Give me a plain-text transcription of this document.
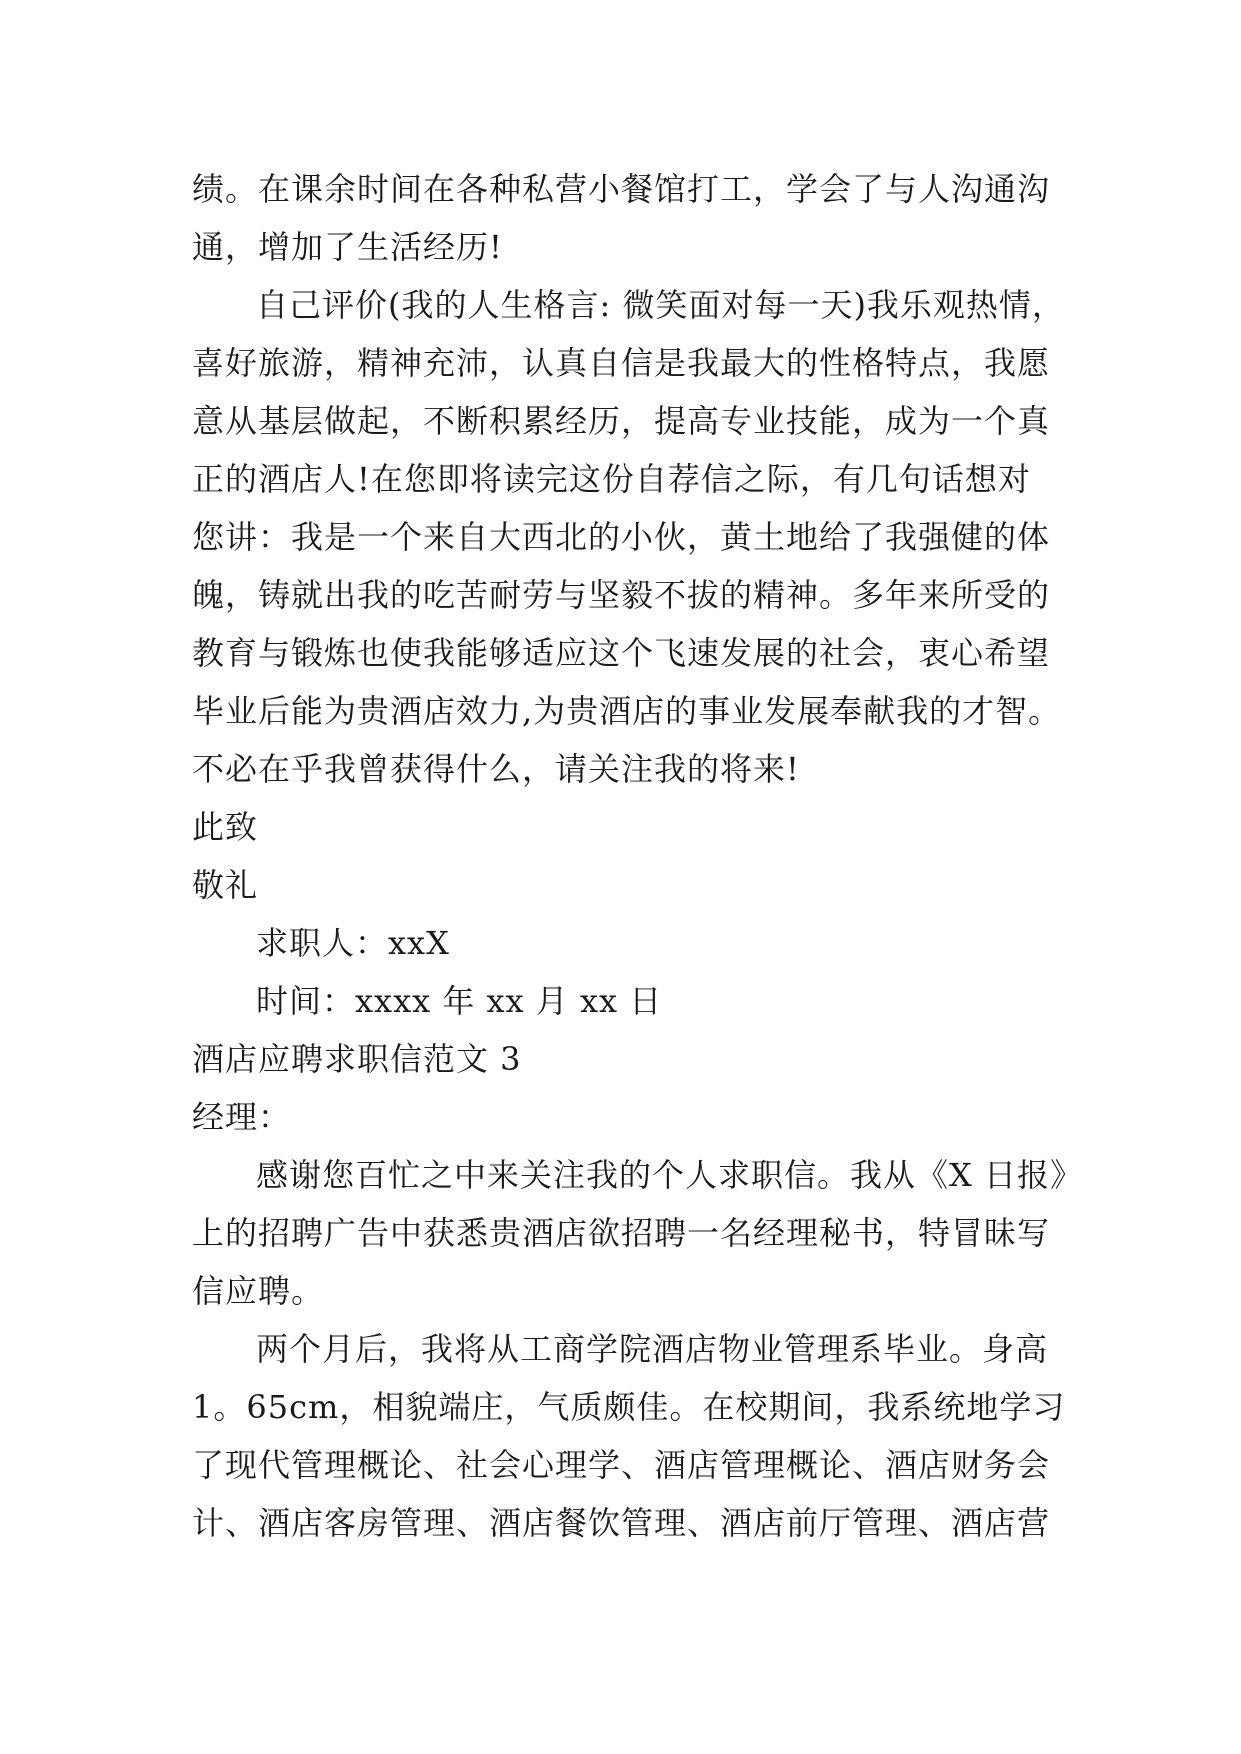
绩。在课余时间在各种私营小餐馆打工，学会了与人沟通沟
通，增加了生活经历!
自己评价(我的人生格言: 微笑面对每一天)我乐观热情，
喜好旅游，精神充沛，认真自信是我最大的性格特点，我愿
意从基层做起，不断积累经历，提高专业技能，成为一个真
正的酒店人!在您即将读完这份自荐信之际，有几句话想对
您讲：我是一个来自大西北的小伙，黄土地给了我强健的体
魄，铸就出我的吃苦耐劳与坚毅不拔的精神。多年来所受的
教育与锻炼也使我能够适应这个飞速发展的社会，衷心希望
毕业后能为贵酒店效力,为贵酒店的事业发展奉献我的才智。
不必在乎我曾获得什么，请关注我的将来!
此致
敬礼
求职人：xxX
时间：xxxx 年 xx 月 xx 日
酒店应聘求职信范文 3
经理：
感谢您百忙之中来关注我的个人求职信。我从《X 日报》
上的招聘广告中获悉贵酒店欲招聘一名经理秘书，特冒昧写
信应聘。
两个月后，我将从工商学院酒店物业管理系毕业。身高
1。65cm，相貌端庄，气质颇佳。在校期间，我系统地学习
了现代管理概论、社会心理学、酒店管理概论、酒店财务会
计、酒店客房管理、酒店餐饮管理、酒店前厅管理、酒店营
